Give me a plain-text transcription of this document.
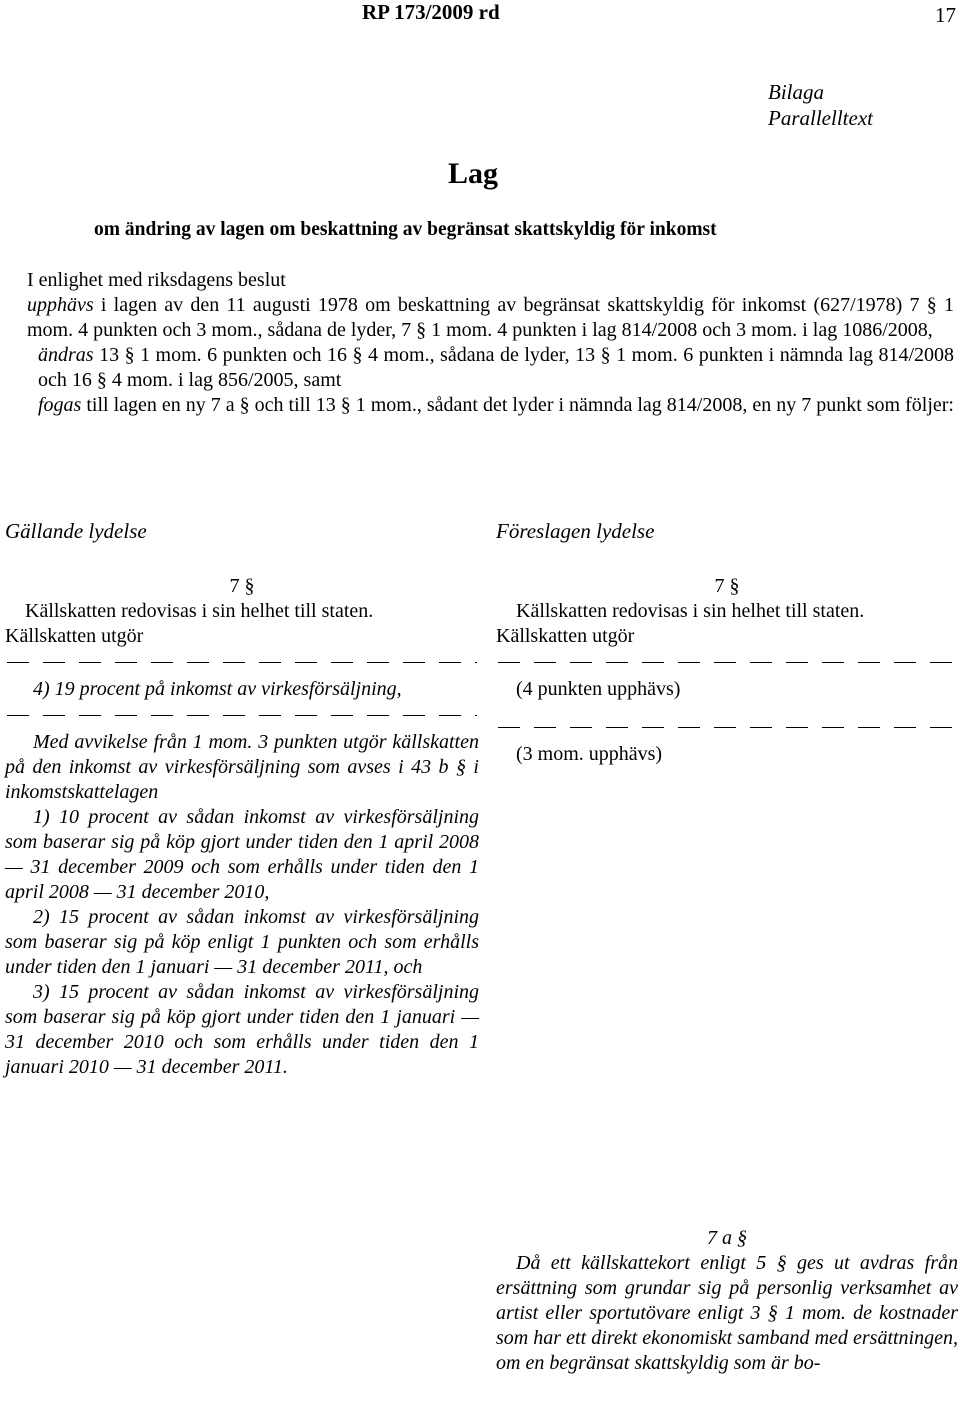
RP 173/2009 rd	17
Bilaga
Parallelltext
Lag
om ändring av lagen om beskattning av begränsat skattskyldig för inkomst

I enlighet med riksdagens beslut

upphävs i lagen av den 11 augusti 1978 om beskattning av begränsat skattskyldig för inkomst (627/1978) 7 § 1 mom. 4 punkten och 3 mom., sådana de lyder, 7 § 1 mom. 4 punkten i lag 814/2008 och 3 mom. i lag 1086/2008,

ändras 13 § 1 mom. 6 punkten och 16 § 4 mom., sådana de lyder, 13 § 1 mom. 6 punkten i nämnda lag 814/2008 och 16 § 4 mom. i lag 856/2005, samt

fogas till lagen en ny 7 a § och till 13 § 1 mom., sådant det lyder i nämnda lag 814/2008, en ny 7 punkt som följer:

Gällande lydelse
7 §

Källskatten redovisas i sin helhet till staten.

Källskatten utgör

4) 19 procent på inkomst av virkesförsäljning,

Med avvikelse från 1 mom. 3 punkten utgör källskatten på den inkomst av virkesförsäljning som avses i 43 b § i inkomstskattelagen

1) 10 procent av sådan inkomst av virkesförsäljning som baserar sig på köp gjort under tiden den 1 april 2008 — 31 december 2009 och som erhålls under tiden den 1 april 2008 — 31 december 2010,

2) 15 procent av sådan inkomst av virkesförsäljning som baserar sig på köp enligt 1 punkten och som erhålls under tiden den 1 januari — 31 december 2011, och

3) 15 procent av sådan inkomst av virkesförsäljning som baserar sig på köp gjort under tiden den 1 januari — 31 december 2010 och som erhålls under tiden den 1 januari 2010 — 31 december 2011.

Föreslagen lydelse
7 §

Källskatten redovisas i sin helhet till staten.

Källskatten utgör

(4 punkten upphävs)

(3 mom. upphävs)

7 a §

Då ett källskattekort enligt 5 § ges ut avdras från ersättning som grundar sig på personlig verksamhet av artist eller sportutövare enligt 3 § 1 mom. de kostnader som har ett direkt ekonomiskt samband med ersättningen, om en begränsat skattskyldig som är bo-
